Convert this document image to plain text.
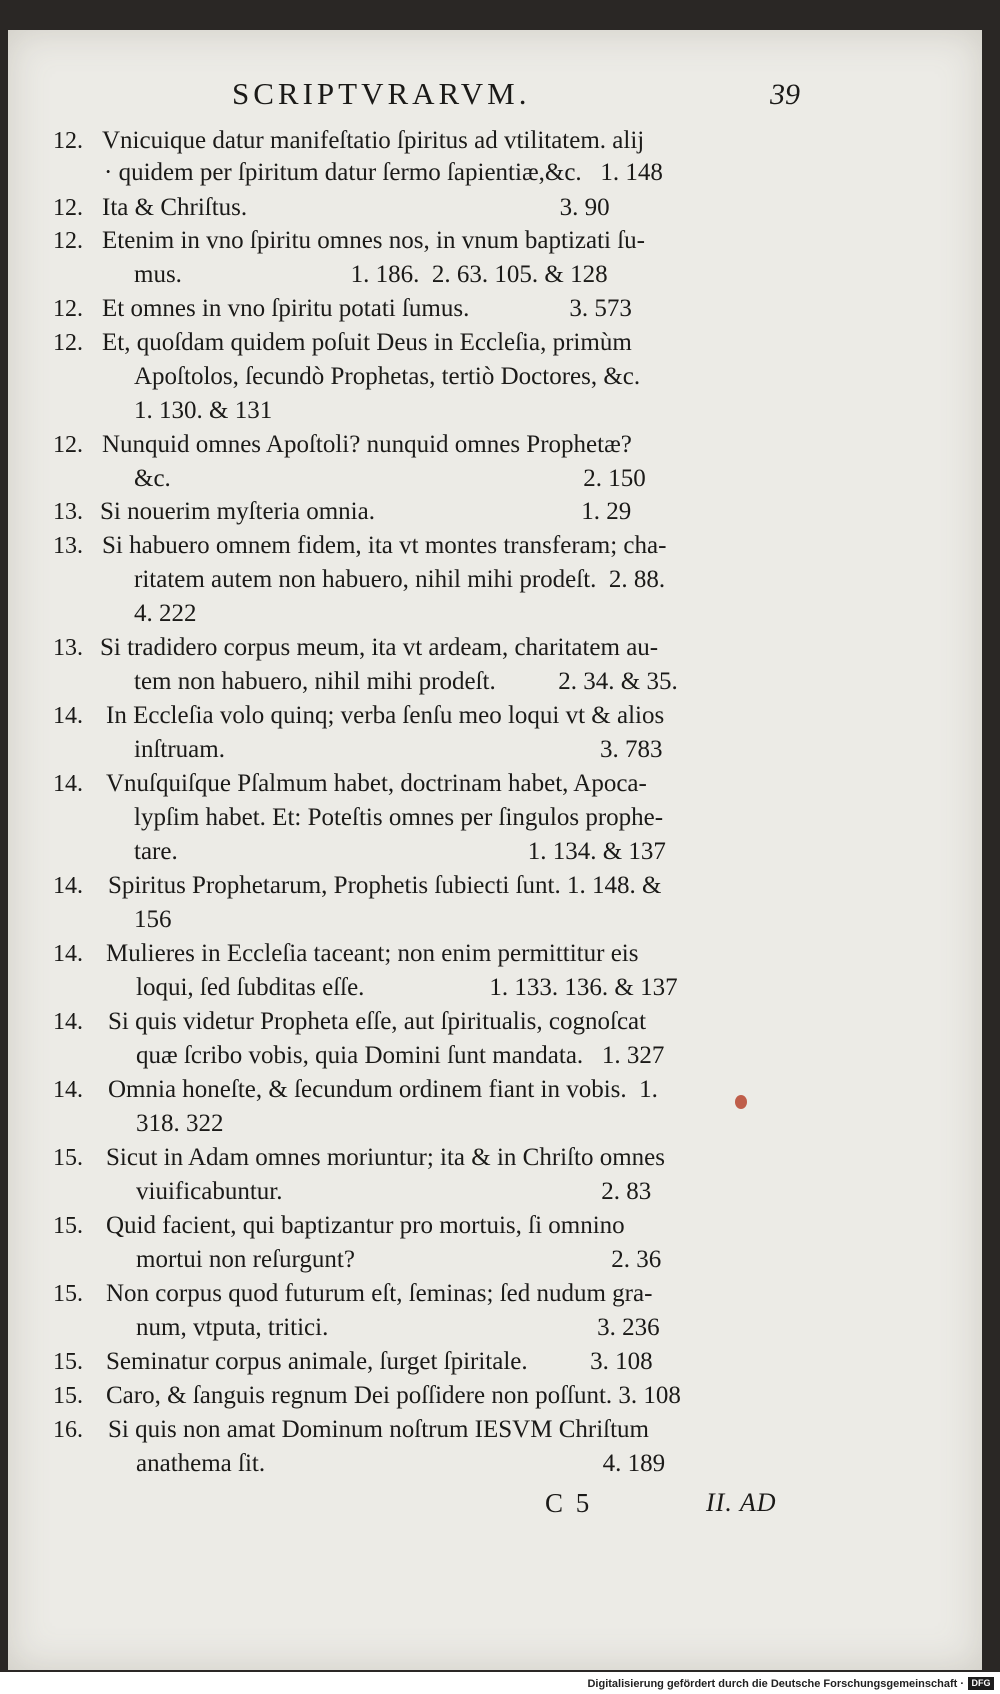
SCRIPTVRARVM.	39
12. Vnicuique datur manifeſtatio ſpiritus ad vtilitatem. alij
· quidem per ſpiritum datur ſermo ſapientiæ,&c.   1. 148
12. Ita & Chriſtus.                                                  3. 90
12. Etenim in vno ſpiritu omnes nos, in vnum baptizati ſu-
mus.                           1. 186.  2. 63. 105. & 128
12. Et omnes in vno ſpiritu potati ſumus.                3. 573
12. Et, quoſdam quidem poſuit Deus in Eccleſia, primùm
Apoſtolos, ſecundò Prophetas, tertiò Doctores, &c.
1. 130. & 131
12. Nunquid omnes Apoſtoli? nunquid omnes Prophetæ?
&c.                                                                  2. 150
13. Si nouerim myſteria omnia.                                 1. 29
13. Si habuero omnem fidem, ita vt montes transferam; cha-
ritatem autem non habuero, nihil mihi prodeſt.  2. 88.
4. 222
13. Si tradidero corpus meum, ita vt ardeam, charitatem au-
tem non habuero, nihil mihi prodeſt.          2. 34. & 35.
14. In Eccleſia volo quinq; verba ſenſu meo loqui vt & alios
inſtruam.                                                            3. 783
14. Vnuſquiſque Pſalmum habet, doctrinam habet, Apoca-
lypſim habet. Et: Poteſtis omnes per ſingulos prophe-
tare.                                                        1. 134. & 137
14. Spiritus Prophetarum, Prophetis ſubiecti ſunt. 1. 148. &
156
14. Mulieres in Eccleſia taceant; non enim permittitur eis
loqui, ſed ſubditas eſſe.                    1. 133. 136. & 137
14. Si quis videtur Propheta eſſe, aut ſpiritualis, cognoſcat
quæ ſcribo vobis, quia Domini ſunt mandata.   1. 327
14. Omnia honeſte, & ſecundum ordinem fiant in vobis.  1.
318. 322
15. Sicut in Adam omnes moriuntur; ita & in Chriſto omnes
viuificabuntur.                                                   2. 83
15. Quid facient, qui baptizantur pro mortuis, ſi omnino
mortui non reſurgunt?                                         2. 36
15. Non corpus quod futurum eſt, ſeminas; ſed nudum gra-
num, vtputa, tritici.                                           3. 236
15. Seminatur corpus animale, ſurget ſpiritale.          3. 108
15. Caro, & ſanguis regnum Dei poſſidere non poſſunt. 3. 108
16. Si quis non amat Dominum noſtrum IESVM Chriſtum
anathema ſit.                                                      4. 189
C 5	II. AD
Digitalisierung gefördert durch die Deutsche Forschungsgemeinschaft · DFG
